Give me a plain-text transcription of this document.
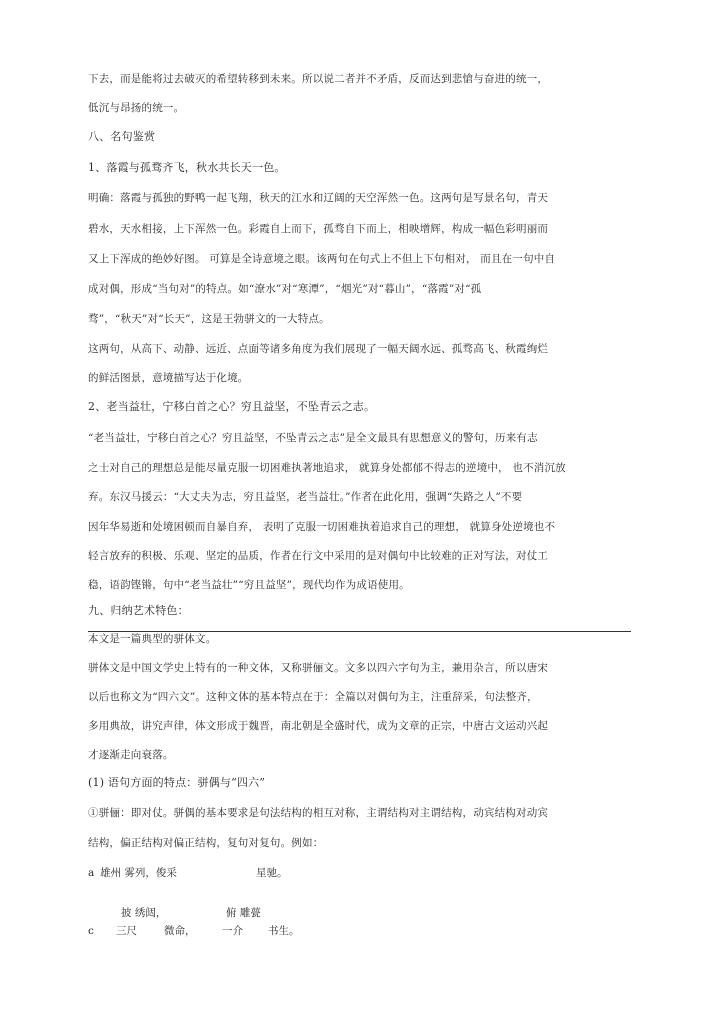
下去，而是能将过去破灭的希望转移到未来。所以说二者并不矛盾，反而达到悲愴与奋进的统一，
低沉与昂扬的统一。
八、名句鉴赏
1、落霞与孤骛齐飞，秋水共长天一色。
明确：落霞与孤独的野鸭一起飞翔，秋天的江水和辽阔的天空浑然一色。这两句是写景名句，青天
碧水，天水相接，上下浑然一色。彩霞自上而下，孤骛自下而上，相映增辉，构成一幅色彩明丽而
又上下浑成的绝妙好图。 可算是全诗意境之眼。该两句在句式上不但上下句相对， 而且在一句中自
成对偶，形成“当句对”的特点。如“潦水”对“寒潭”，“烟光”对“暮山”，“落霞”对“孤
骛”，“秋天”对“长天”，这是王勃骈文的一大特点。
这两句，从高下、动静、远近、点面等诸多角度为我们展现了一幅天阔水远、孤骛高飞、秋霞绚烂
的鲜活图景，意境描写达于化境。
2、老当益壮，宁移白首之心？穷且益坚，不坠青云之志。
“老当益壮，宁移白首之心？穷且益坚，不坠青云之志”是全文最具有思想意义的警句，历来有志
之士对自己的理想总是能尽量克服一切困难执著地追求， 就算身处都郁不得志的逆境中， 也不消沉放
弃。东汉马援云：“大丈夫为志，穷且益坚，老当益壮。”作者在此化用，强调“失路之人”不要
因年华易逝和处境困顿而自暴自弃， 表明了克服一切困难执着追求自己的理想， 就算身处逆境也不
轻言放弃的积极、乐观、坚定的品质，作者在行文中采用的是对偶句中比较难的正对写法，对仗工
稳，语韵铿锵，句中“老当益壮”“穷且益坚”，现代均作为成语使用。
九、归纳艺术特色：
本文是一篇典型的骈体文。
骈体文是中国文学史上特有的一种文体，又称骈俪文。文多以四六字句为主，兼用杂言，所以唐宋
以后也称文为“四六文”。这种文体的基本特点在于：全篇以对偶句为主，注重辞采，句法整齐，
多用典故，讲究声律，体文形成于魏晋，南北朝是全盛时代，成为文章的正宗，中唐古文运动兴起
才逐渐走向衰落。
(1) 语句方面的特点：骈偶与“四六”
①骈俪：即对仗。骈偶的基本要求是句法结构的相互对称，主谓结构对主谓结构，动宾结构对动宾
结构，偏正结构对偏正结构，复句对复句。例如：
a 雄州 雾列，俊采	星驰。
披 绣闼，	俯 雕甍
c 三尺	微命，	一介 书生。
